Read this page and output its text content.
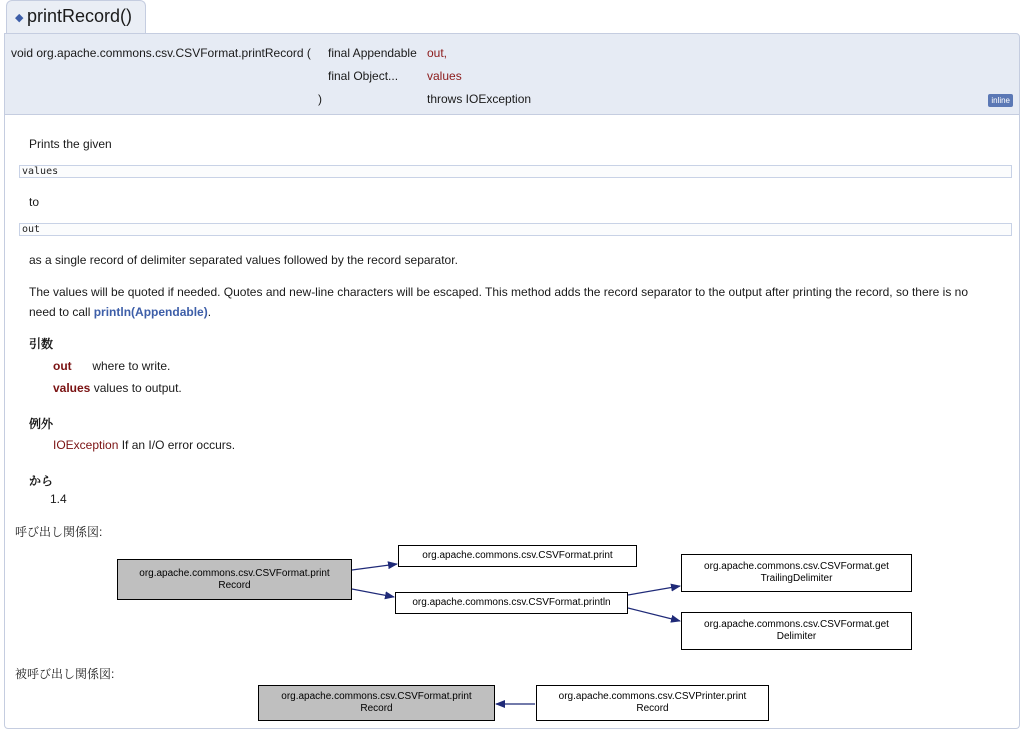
◆ printRecord()
void org.apache.commons.csv.CSVFormat.printRecord ( final Appendable out,
final Object... values
)	throws IOException	inline
Prints the given
values
to
out
as a single record of delimiter separated values followed by the record separator.
The values will be quoted if needed. Quotes and new-line characters will be escaped. This method adds the record separator to the output after printing the record, so there is no
need to call println(Appendable).
引数
out where to write.
values values to output.
例外
IOException If an I/O error occurs.
から
1.4
呼び出し関係図:
被呼び出し関係図:
org.apache.commons.csv.CSVFormat.print
Record
org.apache.commons.csv.CSVFormat.print
org.apache.commons.csv.CSVFormat.println
org.apache.commons.csv.CSVFormat.get
TrailingDelimiter
org.apache.commons.csv.CSVFormat.get
Delimiter
org.apache.commons.csv.CSVFormat.print
Record
org.apache.commons.csv.CSVPrinter.print
Record
